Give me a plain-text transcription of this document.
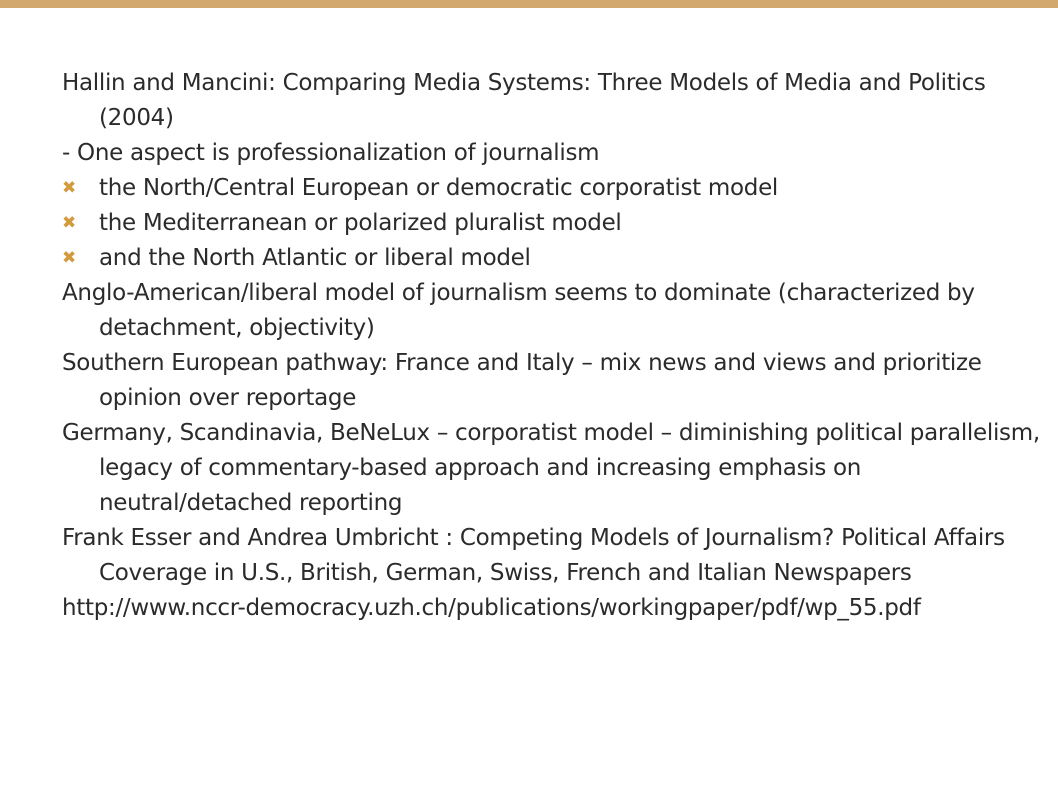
Hallin and Mancini: Comparing Media Systems: Three Models of Media and Politics (2004)

- One aspect is professionalization of journalism

✖ the North/Central European or democratic corporatist model
✖ the Mediterranean or polarized pluralist model
✖ and the North Atlantic or liberal model

Anglo-American/liberal model of journalism seems to dominate (characterized by detachment, objectivity)

Southern European pathway: France and Italy – mix news and views and prioritize opinion over reportage

Germany, Scandinavia, BeNeLux – corporatist model – diminishing political parallelism, legacy of commentary-based approach and increasing emphasis on neutral/detached reporting

Frank Esser and Andrea Umbricht : Competing Models of Journalism? Political Affairs Coverage in U.S., British, German, Swiss, French and Italian Newspapers

http://www.nccr-democracy.uzh.ch/publications/workingpaper/pdf/wp_55.pdf
